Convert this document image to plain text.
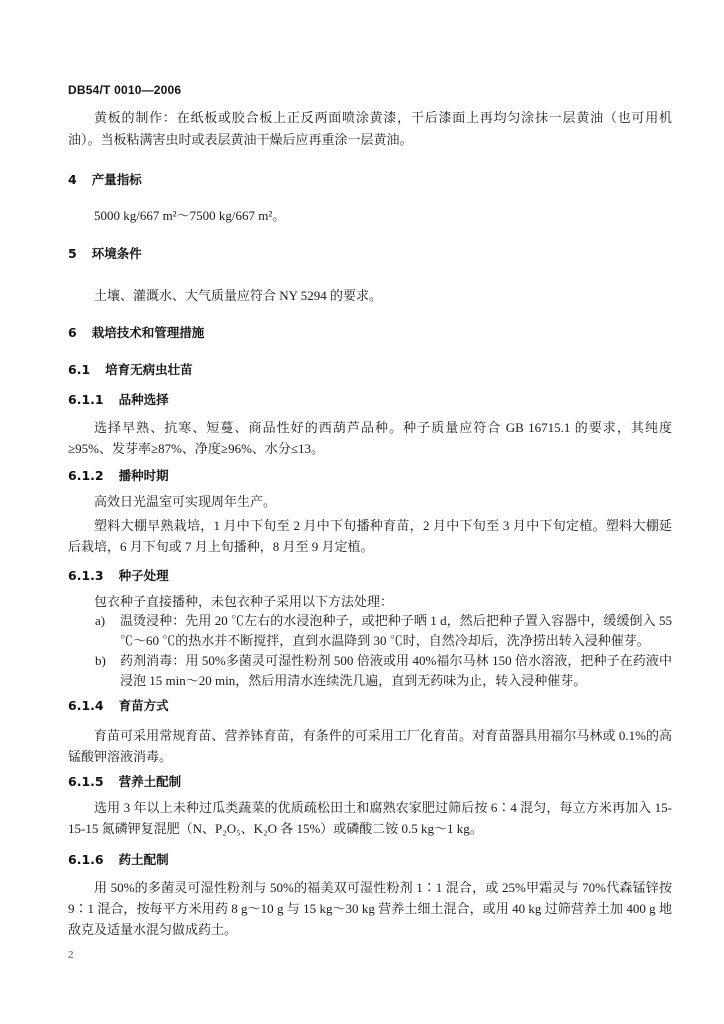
DB54/T 0010—2006

黄板的制作：在纸板或胶合板上正反两面喷涂黄漆，干后漆面上再均匀涂抹一层黄油（也可用机油）。当板粘满害虫时或表层黄油干燥后应再重涂一层黄油。

4 产量指标

5000 kg/667 m²～7500 kg/667 m²。

5 环境条件

土壤、灌溉水、大气质量应符合 NY 5294 的要求。

6 栽培技术和管理措施
6.1 培育无病虫壮苗
6.1.1 品种选择

选择早熟、抗寒、短蔓、商品性好的西葫芦品种。种子质量应符合 GB 16715.1 的要求，其纯度≥95%、发芽率≥87%、净度≥96%、水分≤13。

6.1.2 播种时期

高效日光温室可实现周年生产。

塑料大棚早熟栽培，1 月中下旬至 2 月中下旬播种育苗，2 月中下旬至 3 月中下旬定植。塑料大棚延后栽培，6 月下旬或 7 月上旬播种，8 月至 9 月定植。

6.1.3 种子处理

包衣种子直接播种，未包衣种子采用以下方法处理：

a) 温烫浸种：先用 20 ℃左右的水浸泡种子，或把种子晒 1 d，然后把种子置入容器中，缓缓倒入 55 ℃～60 ℃的热水并不断搅拌，直到水温降到 30 ℃时，自然冷却后，洗净捞出转入浸种催芽。
b) 药剂消毒：用 50%多菌灵可湿性粉剂 500 倍液或用 40%福尔马林 150 倍水溶液，把种子在药液中浸泡 15 min～20 min，然后用清水连续洗几遍，直到无药味为止，转入浸种催芽。
6.1.4 育苗方式

育苗可采用常规育苗、营养钵育苗，有条件的可采用工厂化育苗。对育苗器具用福尔马林或 0.1%的高锰酸钾溶液消毒。

6.1.5 营养土配制

选用 3 年以上未种过瓜类蔬菜的优质疏松田土和腐熟农家肥过筛后按 6∶4 混匀，每立方米再加入 15-15-15 氮磷钾复混肥（N、P₂O₅、K₂O 各 15%）或磷酸二铵 0.5 kg～1 kg。

6.1.6 药土配制

用 50%的多菌灵可湿性粉剂与 50%的福美双可湿性粉剂 1∶1 混合，或 25%甲霜灵与 70%代森锰锌按 9∶1 混合，按每平方米用药 8 g～10 g 与 15 kg～30 kg 营养土细土混合，或用 40 kg 过筛营养土加 400 g 地敌克及适量水混匀做成药土。

2
